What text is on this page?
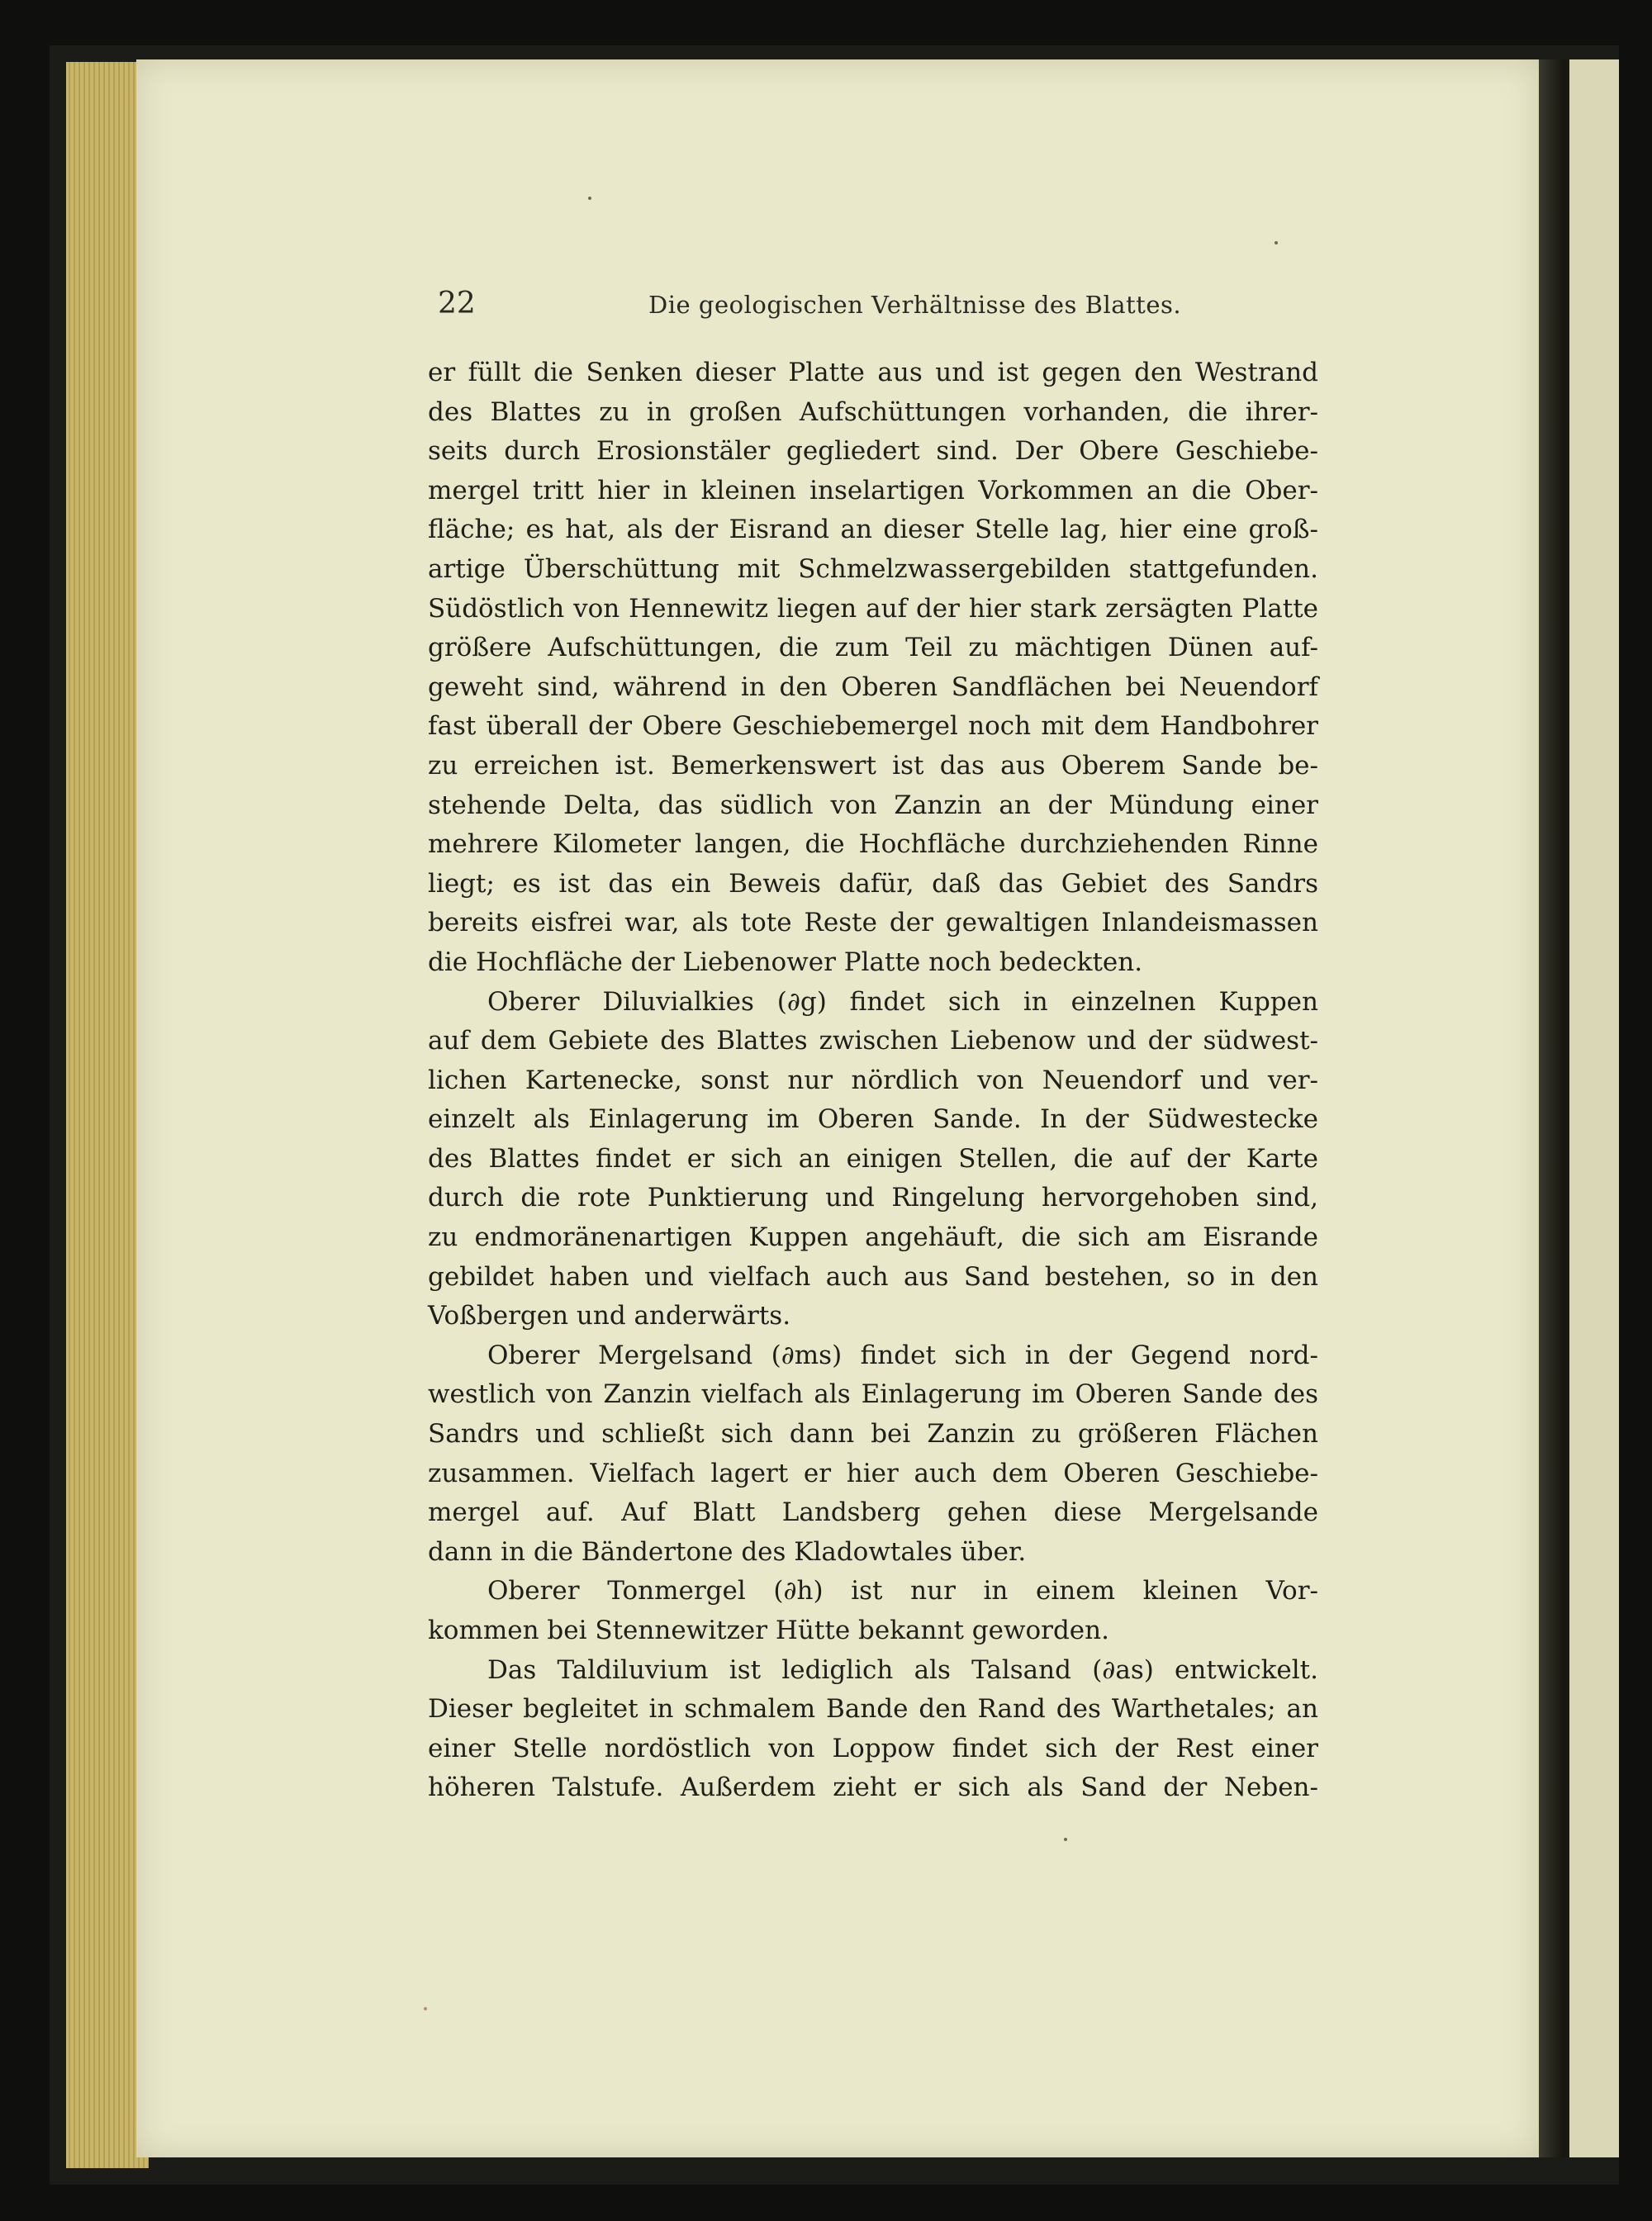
22	Die geologischen Verhältnisse des Blattes.

er füllt die Senken dieser Platte aus und ist gegen den Westrand
des Blattes zu in großen Aufschüttungen vorhanden, die ihrer-
seits durch Erosionstäler gegliedert sind. Der Obere Geschiebe-
mergel tritt hier in kleinen inselartigen Vorkommen an die Ober-
fläche; es hat, als der Eisrand an dieser Stelle lag, hier eine groß-
artige Überschüttung mit Schmelzwassergebilden stattgefunden.
Südöstlich von Hennewitz liegen auf der hier stark zersägten Platte
größere Aufschüttungen, die zum Teil zu mächtigen Dünen auf-
geweht sind, während in den Oberen Sandflächen bei Neuendorf
fast überall der Obere Geschiebemergel noch mit dem Handbohrer
zu erreichen ist. Bemerkenswert ist das aus Oberem Sande be-
stehende Delta, das südlich von Zanzin an der Mündung einer
mehrere Kilometer langen, die Hochfläche durchziehenden Rinne
liegt; es ist das ein Beweis dafür, daß das Gebiet des Sandrs
bereits eisfrei war, als tote Reste der gewaltigen Inlandeismassen
die Hochfläche der Liebenower Platte noch bedeckten.

Oberer Diluvialkies (∂g) findet sich in einzelnen Kuppen
auf dem Gebiete des Blattes zwischen Liebenow und der südwest-
lichen Kartenecke, sonst nur nördlich von Neuendorf und ver-
einzelt als Einlagerung im Oberen Sande. In der Südwestecke
des Blattes findet er sich an einigen Stellen, die auf der Karte
durch die rote Punktierung und Ringelung hervorgehoben sind,
zu endmoränenartigen Kuppen angehäuft, die sich am Eisrande
gebildet haben und vielfach auch aus Sand bestehen, so in den
Voßbergen und anderwärts.

Oberer Mergelsand (∂ms) findet sich in der Gegend nord-
westlich von Zanzin vielfach als Einlagerung im Oberen Sande des
Sandrs und schließt sich dann bei Zanzin zu größeren Flächen
zusammen. Vielfach lagert er hier auch dem Oberen Geschiebe-
mergel auf. Auf Blatt Landsberg gehen diese Mergelsande
dann in die Bändertone des Kladowtales über.

Oberer Tonmergel (∂h) ist nur in einem kleinen Vor-
kommen bei Stennewitzer Hütte bekannt geworden.

Das Taldiluvium ist lediglich als Talsand (∂as) entwickelt.
Dieser begleitet in schmalem Bande den Rand des Warthetales; an
einer Stelle nordöstlich von Loppow findet sich der Rest einer
höheren Talstufe. Außerdem zieht er sich als Sand der Neben-
